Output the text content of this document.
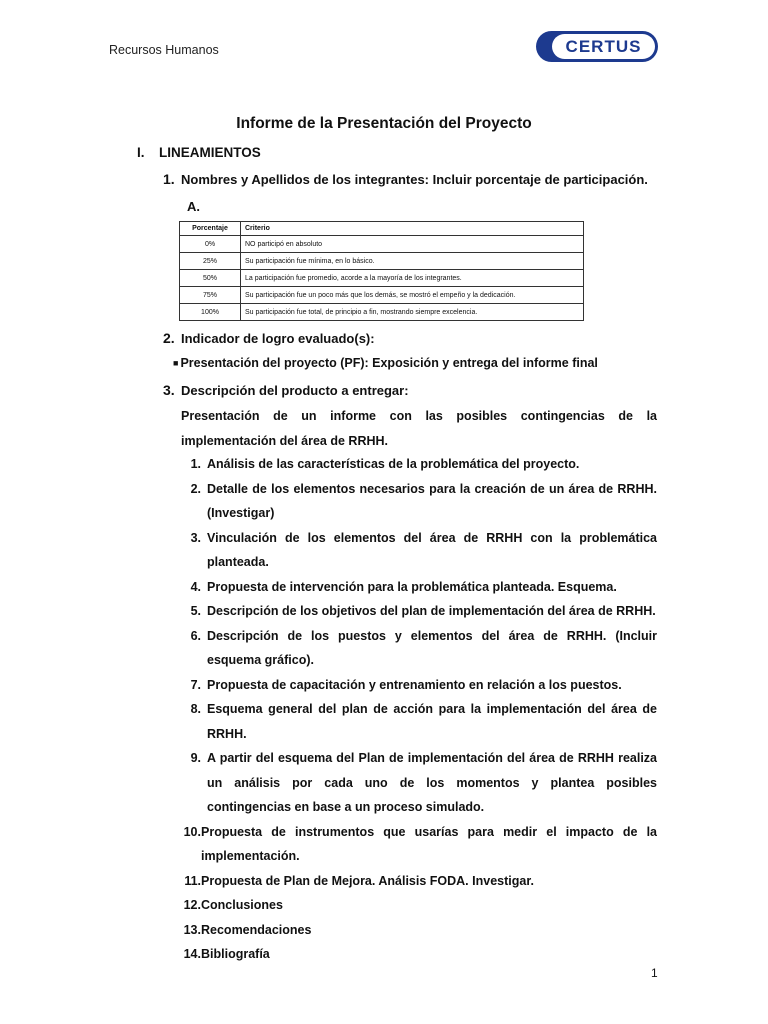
Recursos Humanos	CERTUS
Informe de la Presentación del Proyecto
I. LINEAMIENTOS
1. Nombres y Apellidos de los integrantes: Incluir porcentaje de participación.
A.
Porcentaje	Criterio
0%	NO participó en absoluto
25%	Su participación fue mínima, en lo básico.
50%	La participación fue promedio, acorde a la mayoría de los integrantes.
75%	Su participación fue un poco más que los demás, se mostró el empeño y la dedicación.
100%	Su participación fue total, de principio a fin, mostrando siempre excelencia.
2. Indicador de logro evaluado(s):
■ Presentación del proyecto (PF): Exposición y entrega del informe final
3. Descripción del producto a entregar:
Presentación de un informe con las posibles contingencias de la implementación del área de RRHH.
1. Análisis de las características de la problemática del proyecto.
2. Detalle de los elementos necesarios para la creación de un área de RRHH. (Investigar)
3. Vinculación de los elementos del área de RRHH con la problemática planteada.
4. Propuesta de intervención para la problemática planteada. Esquema.
5. Descripción de los objetivos del plan de implementación del área de RRHH.
6. Descripción de los puestos y elementos del área de RRHH. (Incluir esquema gráfico).
7. Propuesta de capacitación y entrenamiento en relación a los puestos.
8. Esquema general del plan de acción para la implementación del área de RRHH.
9. A partir del esquema del Plan de implementación del área de RRHH realiza un análisis por cada uno de los momentos y plantea posibles contingencias en base a un proceso simulado.
10. Propuesta de instrumentos que usarías para medir el impacto de la implementación.
11. Propuesta de Plan de Mejora. Análisis FODA. Investigar.
12. Conclusiones
13. Recomendaciones
14. Bibliografía
1
